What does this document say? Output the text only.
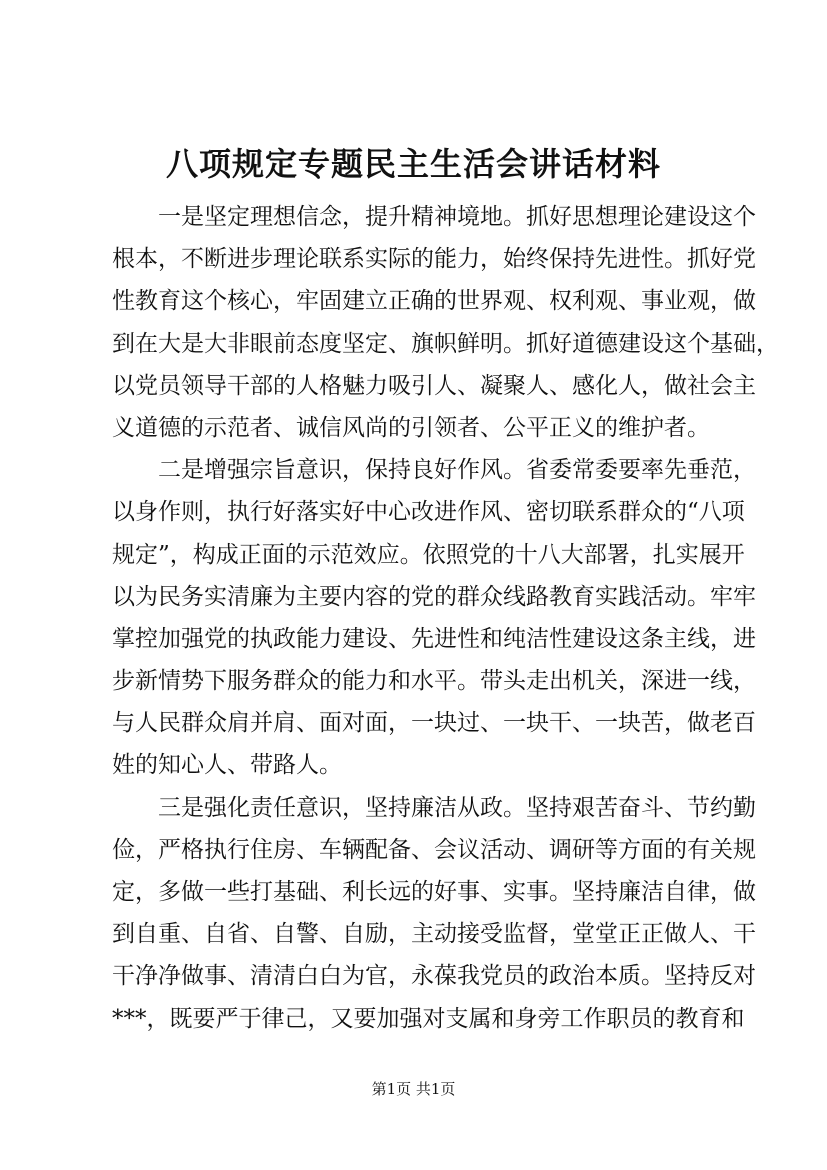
八项规定专题民主生活会讲话材料
一是坚定理想信念，提升精神境地。抓好思想理论建设这个
根本，不断进步理论联系实际的能力，始终保持先进性。抓好党
性教育这个核心，牢固建立正确的世界观、权利观、事业观，做
到在大是大非眼前态度坚定、旗帜鲜明。抓好道德建设这个基础，
以党员领导干部的人格魅力吸引人、凝聚人、感化人，做社会主
义道德的示范者、诚信风尚的引领者、公平正义的维护者。
二是增强宗旨意识，保持良好作风。省委常委要率先垂范，
以身作则，执行好落实好中心改进作风、密切联系群众的“八项
规定”，构成正面的示范效应。依照党的十八大部署，扎实展开
以为民务实清廉为主要内容的党的群众线路教育实践活动。牢牢
掌控加强党的执政能力建设、先进性和纯洁性建设这条主线，进
步新情势下服务群众的能力和水平。带头走出机关，深进一线，
与人民群众肩并肩、面对面，一块过、一块干、一块苦，做老百
姓的知心人、带路人。
三是强化责任意识，坚持廉洁从政。坚持艰苦奋斗、节约勤
俭，严格执行住房、车辆配备、会议活动、调研等方面的有关规
定，多做一些打基础、利长远的好事、实事。坚持廉洁自律，做
到自重、自省、自警、自励，主动接受监督，堂堂正正做人、干
干净净做事、清清白白为官，永葆我党员的政治本质。坚持反对
***，既要严于律己，又要加强对支属和身旁工作职员的教育和
第1页 共1页
